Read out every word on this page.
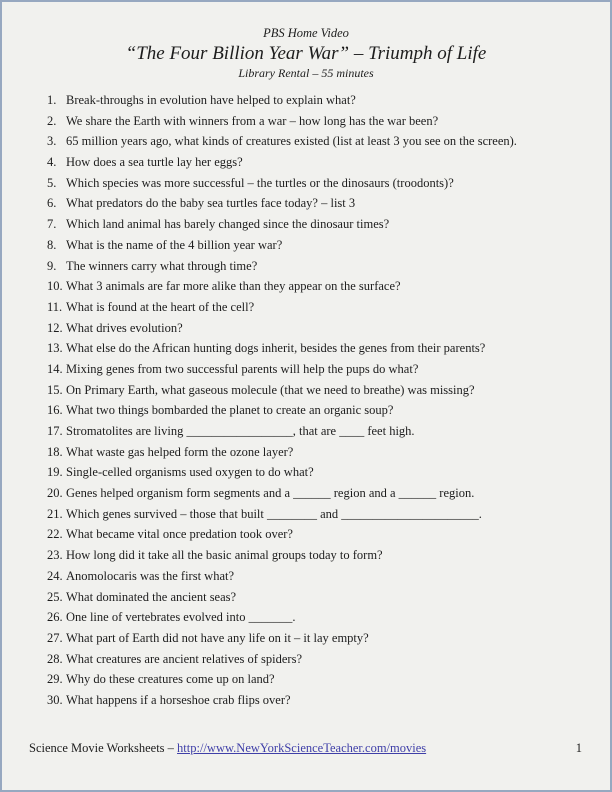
PBS Home Video
“The Four Billion Year War” – Triumph of Life
Library Rental – 55 minutes
1. Break-throughs in evolution have helped to explain what?
2. We share the Earth with winners from a war – how long has the war been?
3. 65 million years ago, what kinds of creatures existed (list at least 3 you see on the screen).
4. How does a sea turtle lay her eggs?
5. Which species was more successful – the turtles or the dinosaurs (troodonts)?
6. What predators do the baby sea turtles face today? – list 3
7. Which land animal has barely changed since the dinosaur times?
8. What is the name of the 4 billion year war?
9. The winners carry what through time?
10. What 3 animals are far more alike than they appear on the surface?
11. What is found at the heart of the cell?
12. What drives evolution?
13. What else do the African hunting dogs inherit, besides the genes from their parents?
14. Mixing genes from two successful parents will help the pups do what?
15. On Primary Earth, what gaseous molecule (that we need to breathe) was missing?
16. What two things bombarded the planet to create an organic soup?
17. Stromatolites are living _________________, that are ____ feet high.
18. What waste gas helped form the ozone layer?
19. Single-celled organisms used oxygen to do what?
20. Genes helped organism form segments and a ______ region and a ______ region.
21. Which genes survived – those that built ________ and ______________________.
22. What became vital once predation took over?
23. How long did it take all the basic animal groups today to form?
24. Anomolocaris was the first what?
25. What dominated the ancient seas?
26. One line of vertebrates evolved into _______.
27. What part of Earth did not have any life on it – it lay empty?
28. What creatures are ancient relatives of spiders?
29. Why do these creatures come up on land?
30. What happens if a horseshoe crab flips over?
Science Movie Worksheets – http://www.NewYorkScienceTeacher.com/movies	1
